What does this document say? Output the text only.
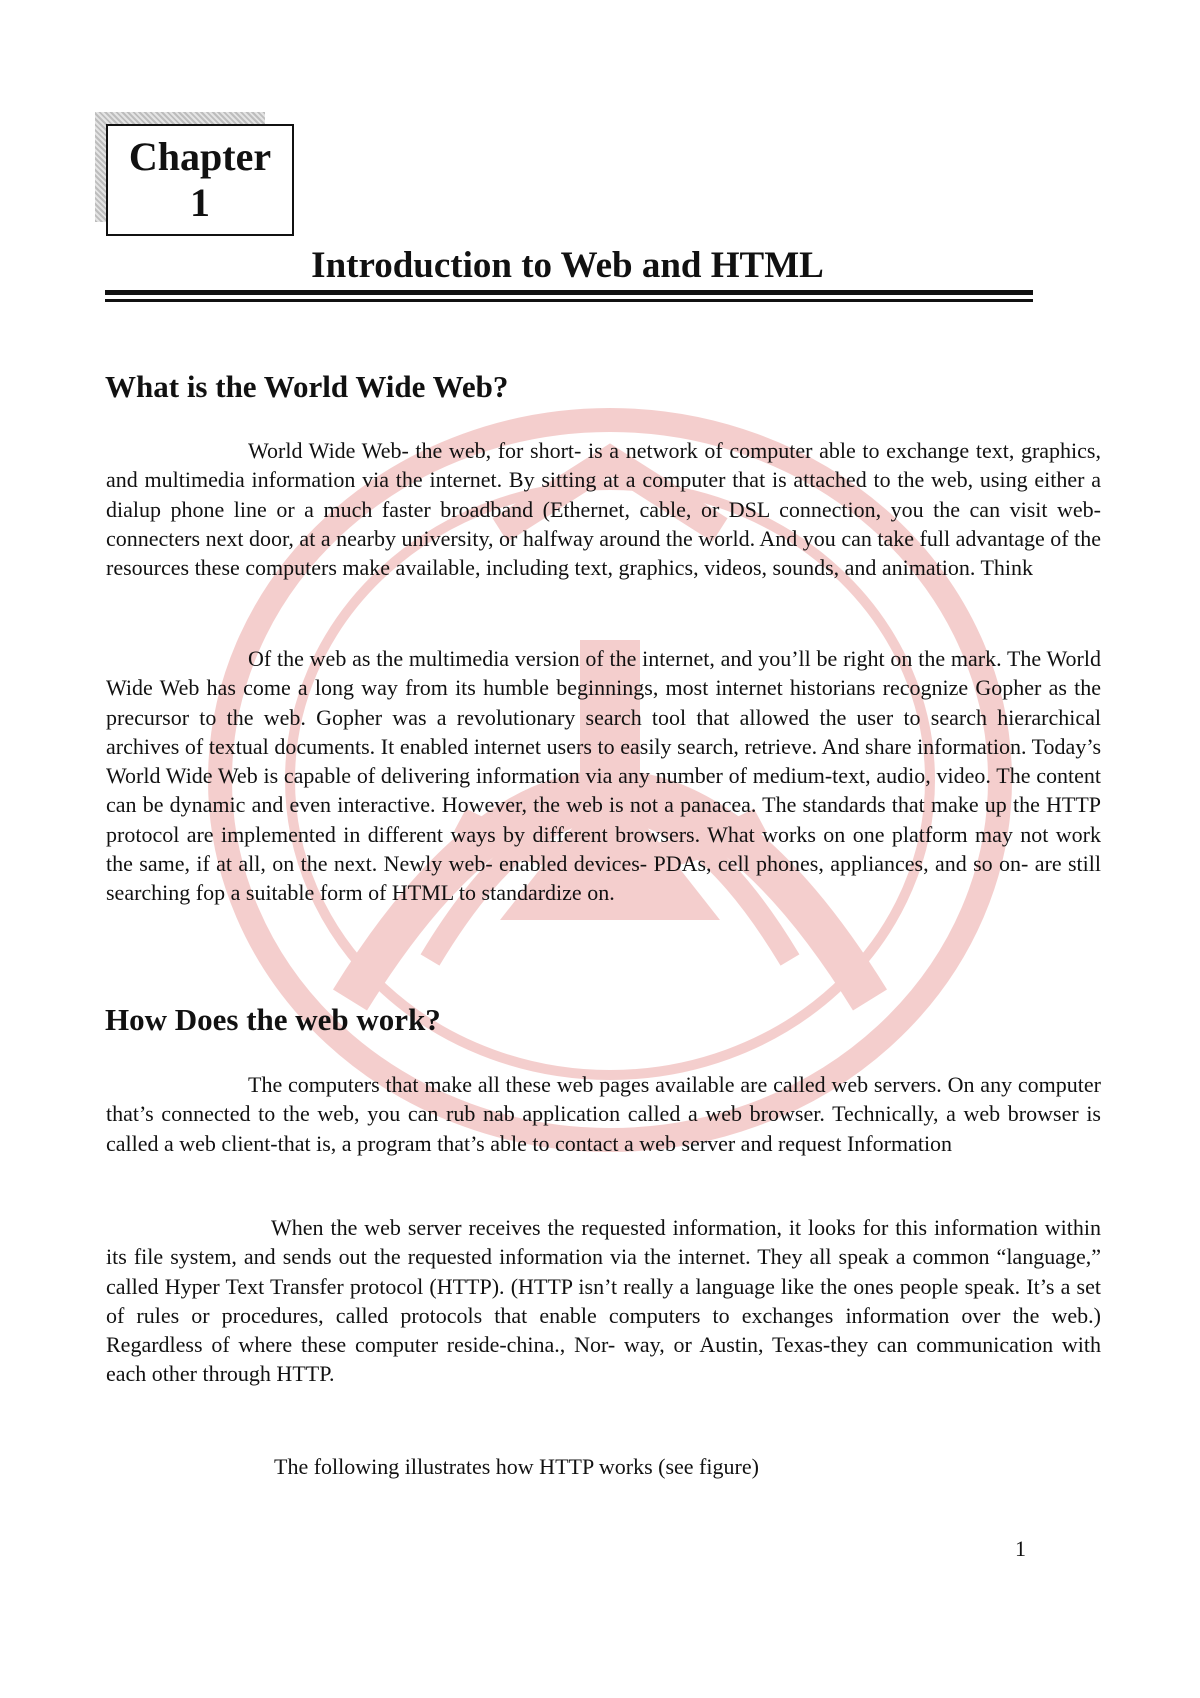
Chapter
1
Introduction to Web and HTML
What is the World Wide Web?

World Wide Web- the web, for short- is a network of computer able to exchange text, graphics, and multimedia information via the internet. By sitting at a computer that is attached to the web, using either a dialup phone line or a much faster broadband (Ethernet, cable, or DSL connection, you the can visit web- connecters next door, at a nearby university, or halfway around the world. And you can take full advantage of the resources these computers make available, including text, graphics, videos, sounds, and animation. Think

Of the web as the multimedia version of the internet, and you’ll be right on the mark. The World Wide Web has come a long way from its humble beginnings, most internet historians recognize Gopher as the precursor to the web. Gopher was a revolutionary search tool that allowed the user to search hierarchical archives of textual documents. It enabled internet users to easily search, retrieve. And share information. Today’s World Wide Web is capable of delivering information via any number of medium-text, audio, video. The content can be dynamic and even interactive. However, the web is not a panacea. The standards that make up the HTTP protocol are implemented in different ways by different browsers. What works on one platform may not work the same, if at all, on the next. Newly web- enabled devices- PDAs, cell phones, appliances, and so on- are still searching fop a suitable form of HTML to standardize on.

How Does the web work?

The computers that make all these web pages available are called web servers. On any computer that’s connected to the web, you can rub nab application called a web browser. Technically, a web browser is called a web client-that is, a program that’s able to contact a web server and request Information

When the web server receives the requested information, it looks for this information within its file system, and sends out the requested information via the internet. They all speak a common “language,” called Hyper Text Transfer protocol (HTTP). (HTTP isn’t really a language like the ones people speak. It’s a set of rules or procedures, called protocols that enable computers to exchanges information over the web.) Regardless of where these computer reside-china., Nor- way, or Austin, Texas-they can communication with each other through HTTP.

The following illustrates how HTTP works (see figure)

1
